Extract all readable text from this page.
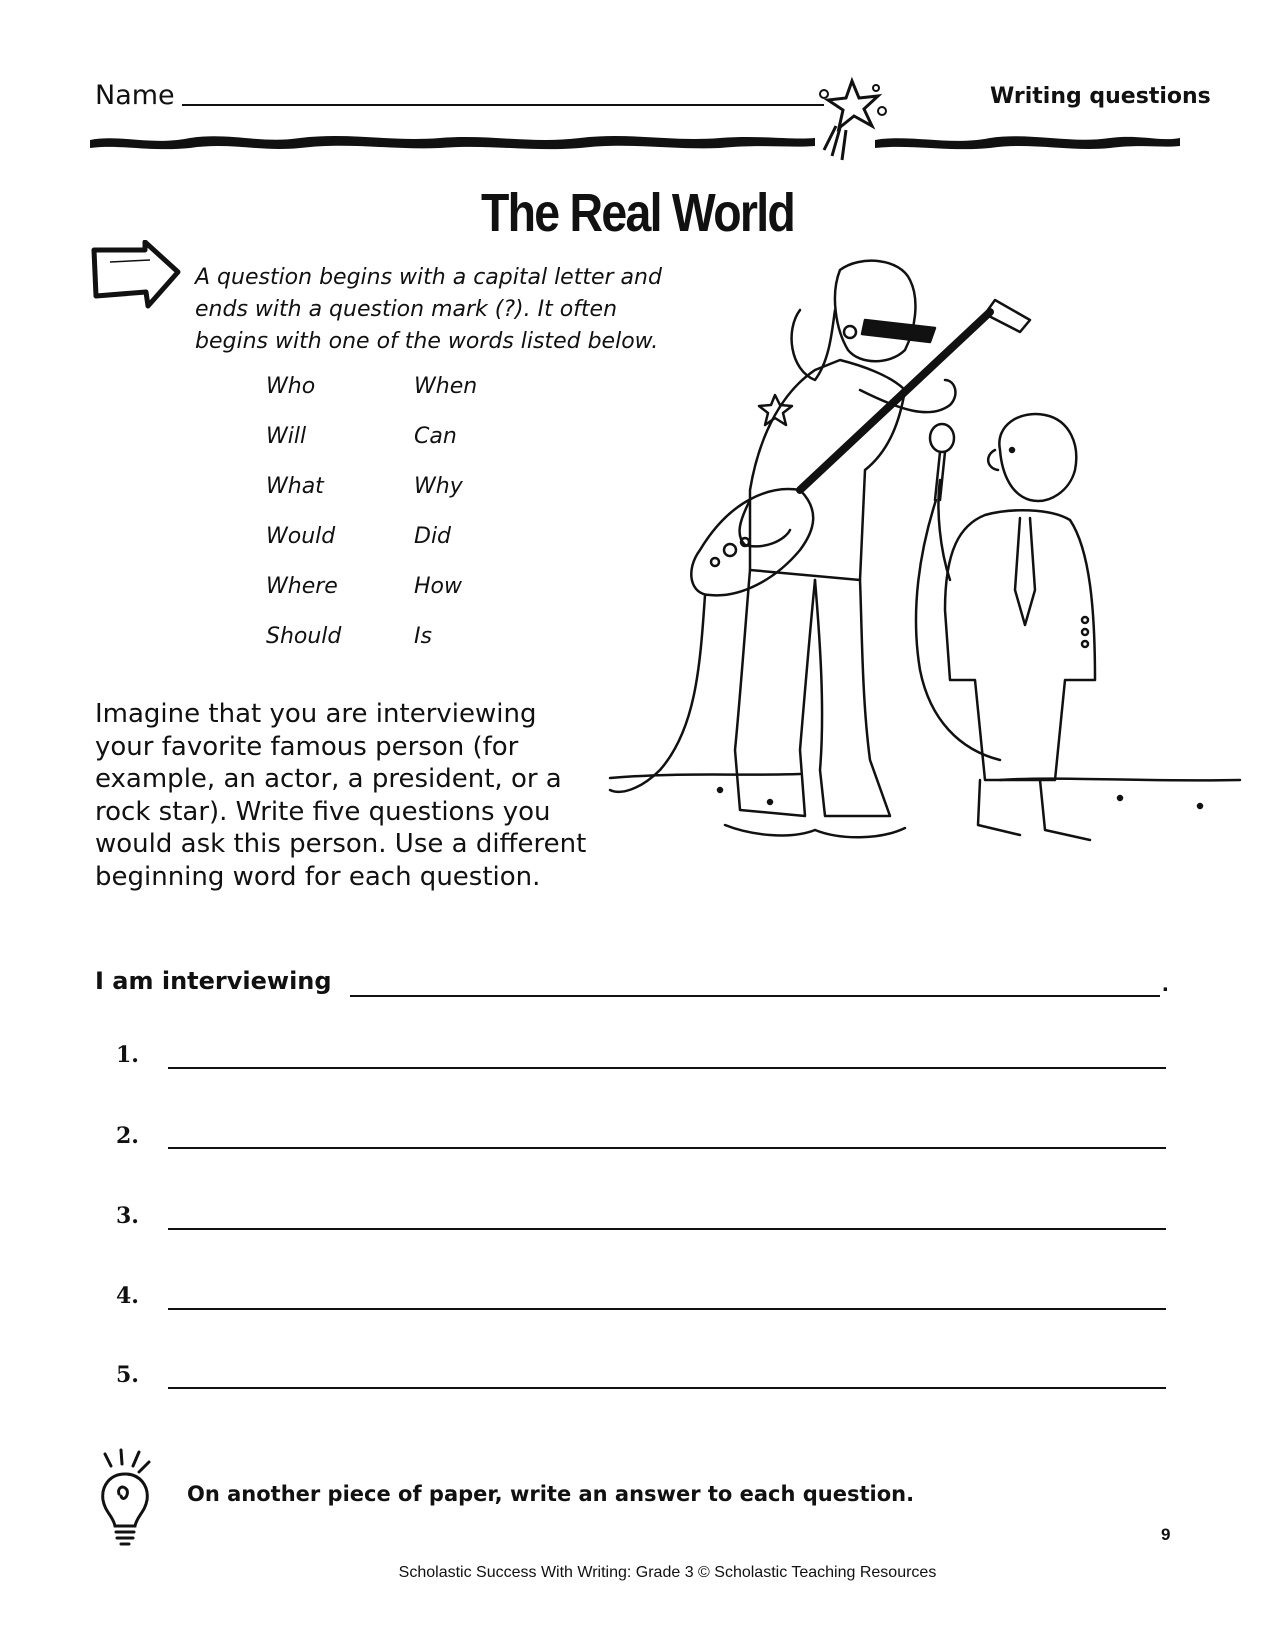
Name	Writing questions
The Real World
A question begins with a capital letter and ends with a question mark (?). It often begins with one of the words listed below.
Who
Will
What
Would
Where
Should
When
Can
Why
Did
How
Is
Imagine that you are interviewing your favorite famous person (for example, an actor, a president, or a rock star). Write five questions you would ask this person. Use a different beginning word for each question.
I am interviewing	.
1.
2.
3.
4.
5.
On another piece of paper, write an answer to each question.
Scholastic Success With Writing: Grade 3 © Scholastic Teaching Resources
9
